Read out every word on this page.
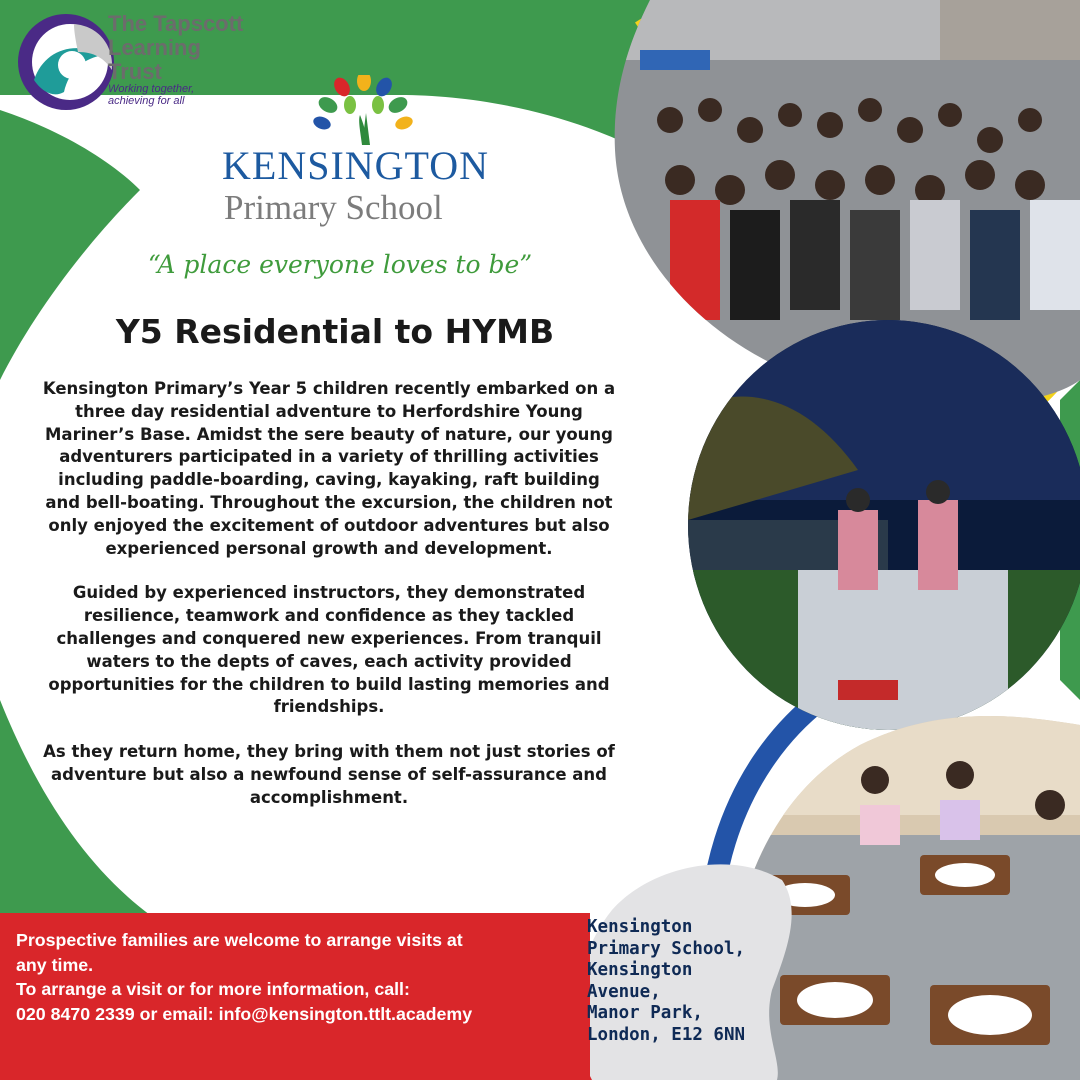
The Tapscott
Learning
Trust
Working together,
achieving for all
KENSINGTON
Primary School
“A place everyone loves to be”
Y5 Residential to HYMB

Kensington Primary’s Year 5 children recently embarked on a three day residential adventure to Herfordshire Young Mariner’s Base. Amidst the sere beauty of nature, our young adventurers participated in a variety of thrilling activities including paddle-boarding, caving, kayaking, raft building and bell-boating. Throughout the excursion, the children not only enjoyed the excitement of outdoor adventures but also experienced personal growth and development.

Guided by experienced instructors, they demonstrated resilience, teamwork and confidence as they tackled challenges and conquered new experiences. From tranquil waters to the depts of caves, each activity provided opportunities for the children to build lasting memories and friendships.

As they return home, they bring with them not just stories of adventure but also a newfound sense of self-assurance and accomplishment.

Prospective families are welcome to arrange visits at
any time.
To arrange a visit or for more information, call:
020 8470 2339 or email: info@kensington.ttlt.academy
Kensington
Primary School,
Kensington
Avenue,
Manor Park,
London, E12 6NN
